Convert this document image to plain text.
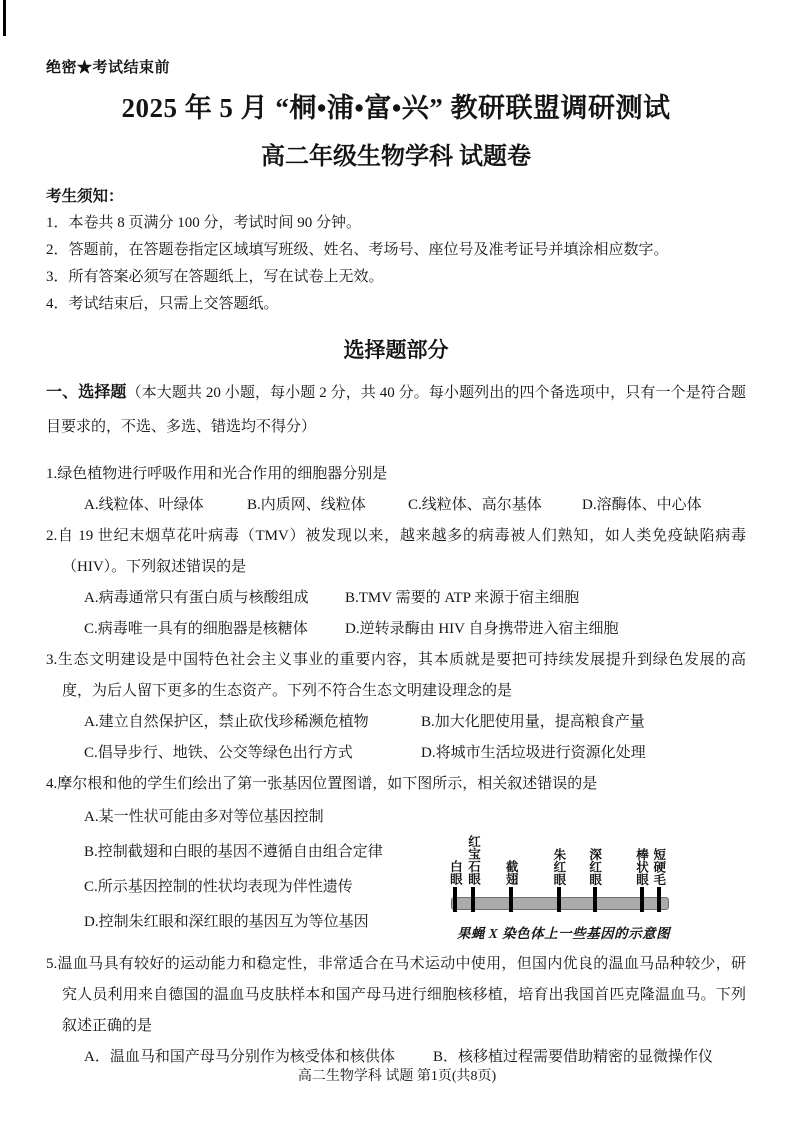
绝密★考试结束前
2025 年 5 月 “桐•浦•富•兴” 教研联盟调研测试
高二年级生物学科 试题卷
考生须知：
1．本卷共 8 页满分 100 分，考试时间 90 分钟。
2．答题前，在答题卷指定区域填写班级、姓名、考场号、座位号及准考证号并填涂相应数字。
3．所有答案必须写在答题纸上，写在试卷上无效。
4．考试结束后，只需上交答题纸。
选择题部分

一、选择题（本大题共 20 小题，每小题 2 分，共 40 分。每小题列出的四个备选项中，只有一个是符合题目要求的，不选、多选、错选均不得分）

1.绿色植物进行呼吸作用和光合作用的细胞器分别是
A.线粒体、叶绿体	B.内质网、线粒体	C.线粒体、高尔基体	D.溶酶体、中心体
2.自 19 世纪末烟草花叶病毒（TMV）被发现以来，越来越多的病毒被人们熟知，如人类免疫缺陷病毒（HIV）。下列叙述错误的是
A.病毒通常只有蛋白质与核酸组成	B.TMV 需要的 ATP 来源于宿主细胞
C.病毒唯一具有的细胞器是核糖体	D.逆转录酶由 HIV 自身携带进入宿主细胞
3.生态文明建设是中国特色社会主义事业的重要内容，其本质就是要把可持续发展提升到绿色发展的高度，为后人留下更多的生态资产。下列不符合生态文明建设理念的是
A.建立自然保护区，禁止砍伐珍稀濒危植物	B.加大化肥使用量，提高粮食产量
C.倡导步行、地铁、公交等绿色出行方式	D.将城市生活垃圾进行资源化处理
4.摩尔根和他的学生们绘出了第一张基因位置图谱，如下图所示，相关叙述错误的是
A.某一性状可能由多对等位基因控制
B.控制截翅和白眼的基因不遵循自由组合定律
C.所示基因控制的性状均表现为伴性遗传
D.控制朱红眼和深红眼的基因互为等位基因
白眼 红宝石眼 截翅	朱红眼 深红眼	棒状眼 短硬毛
果蝇 X 染色体上一些基因的示意图
5.温血马具有较好的运动能力和稳定性，非常适合在马术运动中使用，但国内优良的温血马品种较少，研究人员利用来自德国的温血马皮肤样本和国产母马进行细胞核移植，培育出我国首匹克隆温血马。下列叙述正确的是
A．温血马和国产母马分别作为核受体和核供体	B．核移植过程需要借助精密的显微操作仪
高二生物学科 试题 第1页(共8页)
